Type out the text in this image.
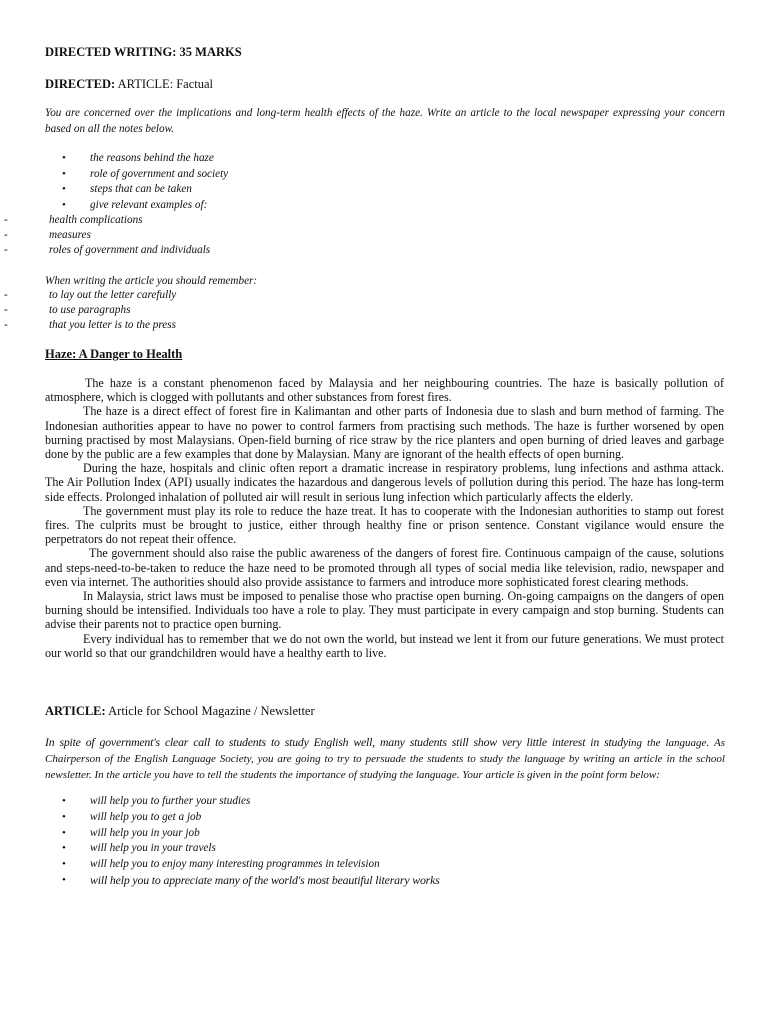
DIRECTED WRITING: 35 MARKS
DIRECTED: ARTICLE: Factual
You are concerned over the implications and long-term health effects of the haze. Write an article to the local newspaper expressing your concern based on all the notes below.
• the reasons behind the haze
• role of government and society
• steps that can be taken
• give relevant examples of:
-	health complications
-	measures
-	roles of government and individuals
When writing the article you should remember:
-	to lay out the letter carefully
-	to use paragraphs
-	that you letter is to the press
Haze: A Danger to Health

The haze is a constant phenomenon faced by Malaysia and her neighbouring countries. The haze is basically pollution of atmosphere, which is clogged with pollutants and other substances from forest fires.

The haze is a direct effect of forest fire in Kalimantan and other parts of Indonesia due to slash and burn method of farming. The Indonesian authorities appear to have no power to control farmers from practising such methods. The haze is further worsened by open burning practised by most Malaysians. Open-field burning of rice straw by the rice planters and open burning of dried leaves and garbage done by the public are a few examples that done by Malaysian. Many are ignorant of the health effects of open burning.

During the haze, hospitals and clinic often report a dramatic increase in respiratory problems, lung infections and asthma attack. The Air Pollution Index (API) usually indicates the hazardous and dangerous levels of pollution during this period. The haze has long-term side effects. Prolonged inhalation of polluted air will result in serious lung infection which particularly affects the elderly.

The government must play its role to reduce the haze treat. It has to cooperate with the Indonesian authorities to stamp out forest fires. The culprits must be brought to justice, either through healthy fine or prison sentence. Constant vigilance would ensure the perpetrators do not repeat their offence.

The government should also raise the public awareness of the dangers of forest fire. Continuous campaign of the cause, solutions and steps-need-to-be-taken to reduce the haze need to be promoted through all types of social media like television, radio, newspaper and even via internet. The authorities should also provide assistance to farmers and introduce more sophisticated forest clearing methods.

In Malaysia, strict laws must be imposed to penalise those who practise open burning. On-going campaigns on the dangers of open burning should be intensified. Individuals too have a role to play. They must participate in every campaign and stop burning. Students can advise their parents not to practice open burning.

Every individual has to remember that we do not own the world, but instead we lent it from our future generations. We must protect our world so that our grandchildren would have a healthy earth to live.

ARTICLE: Article for School Magazine / Newsletter
In spite of government's clear call to students to study English well, many students still show very little interest in studying the language. As Chairperson of the English Language Society, you are going to try to persuade the students to study the language by writing an article in the school newsletter. In the article you have to tell the students the importance of studying the language. Your article is given in the point form below:
• will help you to further your studies
• will help you to get a job
• will help you in your job
• will help you in your travels
• will help you to enjoy many interesting programmes in television
• will help you to appreciate many of the world's most beautiful literary works
